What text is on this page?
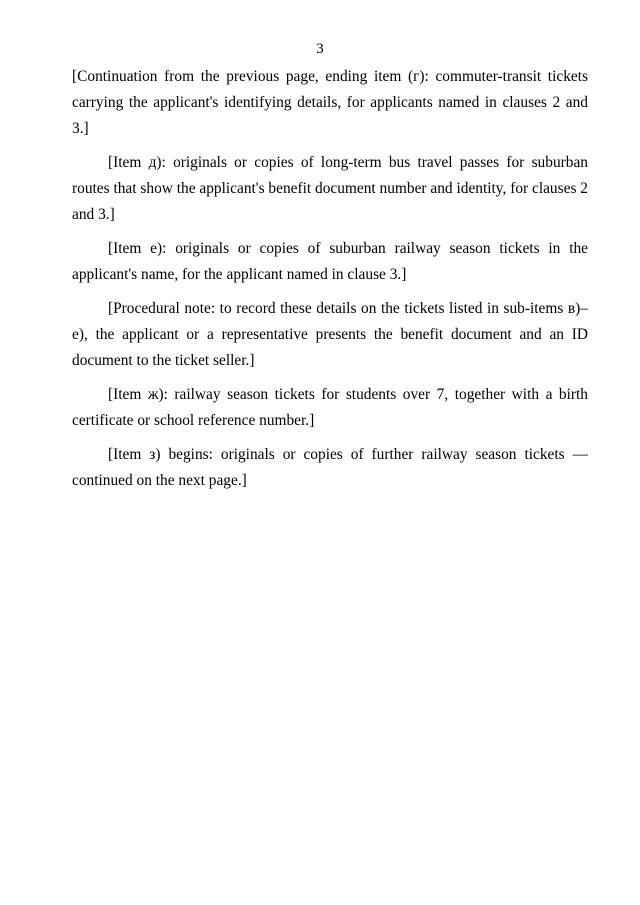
3

[Continuation from the previous page, ending item (г): commuter-transit tickets carrying the applicant's identifying details, for applicants named in clauses 2 and 3.]

[Item д): originals or copies of long-term bus travel passes for suburban routes that show the applicant's benefit document number and identity, for clauses 2 and 3.]

[Item е): originals or copies of suburban railway season tickets in the applicant's name, for the applicant named in clause 3.]

[Procedural note: to record these details on the tickets listed in sub-items в)–е), the applicant or a representative presents the benefit document and an ID document to the ticket seller.]

[Item ж): railway season tickets for students over 7, together with a birth certificate or school reference number.]

[Item з) begins: originals or copies of further railway season tickets — continued on the next page.]
